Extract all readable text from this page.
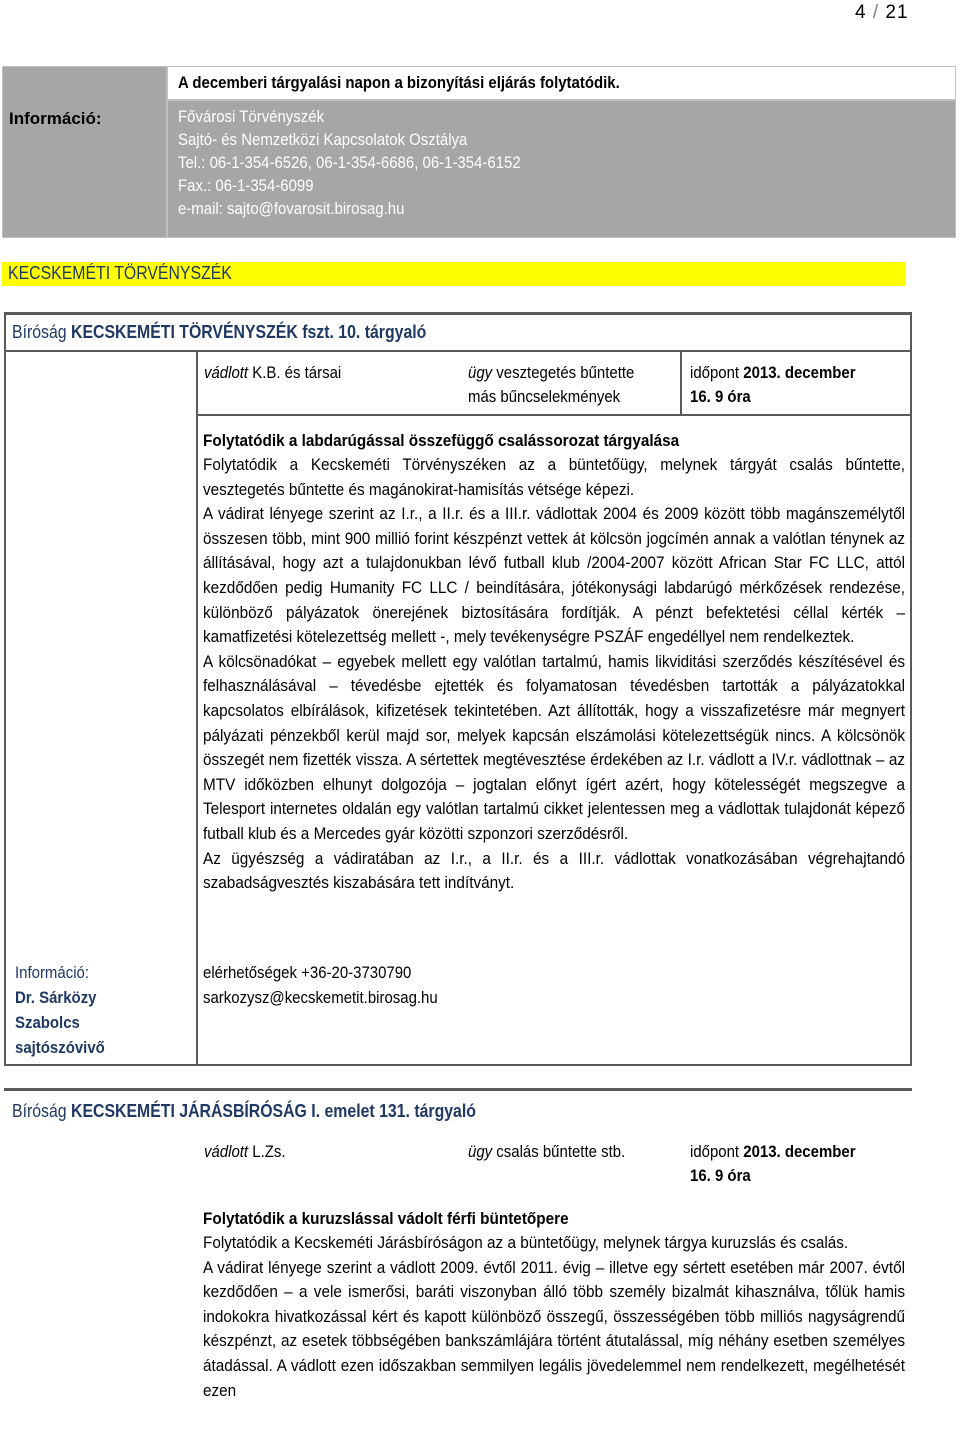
4 / 21
Információ:
A decemberi tárgyalási napon a bizonyítási eljárás folytatódik.
Fővárosi Törvényszék
Sajtó- és Nemzetközi Kapcsolatok Osztálya
Tel.: 06-1-354-6526, 06-1-354-6686, 06-1-354-6152
Fax.: 06-1-354-6099
e-mail: sajto@fovarosit.birosag.hu
KECSKEMÉTI TÖRVÉNYSZÉK
Bíróság KECSKEMÉTI TÖRVÉNYSZÉK fszt. 10. tárgyaló
vádlott K.B. és társai	ügy vesztegetés bűntette
más bűncselekmények
időpont 2013. december
16. 9 óra
Folytatódik a labdarúgással összefüggő csalássorozat tárgyalása
Folytatódik a Kecskeméti Törvényszéken az a büntetőügy, melynek tárgyát csalás bűntette, vesztegetés bűntette és magánokirat-hamisítás vétsége képezi.
A vádirat lényege szerint az I.r., a II.r. és a III.r. vádlottak 2004 és 2009 között több magánszemélytől összesen több, mint 900 millió forint készpénzt vettek át kölcsön jogcímén annak a valótlan ténynek az állításával, hogy azt a tulajdonukban lévő futball klub /2004-2007 között African Star FC LLC, attól kezdődően pedig Humanity FC LLC / beindítására, jótékonysági labdarúgó mérkőzések rendezése, különböző pályázatok önerejének biztosítására fordítják. A pénzt befektetési céllal kérték – kamatfizetési kötelezettség mellett -, mely tevékenységre PSZÁF engedéllyel nem rendelkeztek.
A kölcsönadókat – egyebek mellett egy valótlan tartalmú, hamis likviditási szerződés készítésével és felhasználásával – tévedésbe ejtették és folyamatosan tévedésben tartották a pályázatokkal kapcsolatos elbírálások, kifizetések tekintetében. Azt állították, hogy a visszafizetésre már megnyert pályázati pénzekből kerül majd sor, melyek kapcsán elszámolási kötelezettségük nincs. A kölcsönök összegét nem fizették vissza. A sértettek megtévesztése érdekében az I.r. vádlott a IV.r. vádlottnak – az MTV időközben elhunyt dolgozója – jogtalan előnyt ígért azért, hogy kötelességét megszegve a Telesport internetes oldalán egy valótlan tartalmú cikket jelentessen meg a vádlottak tulajdonát képező futball klub és a Mercedes gyár közötti szponzori szerződésről.
Az ügyészség a vádiratában az I.r., a II.r. és a III.r. vádlottak vonatkozásában végrehajtandó szabadságvesztés kiszabására tett indítványt.
Információ:
Dr. Sárközy
Szabolcs
sajtószóvivő
elérhetőségek +36-20-3730790
sarkozysz@kecskemetit.birosag.hu
Bíróság KECSKEMÉTI JÁRÁSBÍRÓSÁG I. emelet 131. tárgyaló
vádlott L.Zs.	ügy csalás bűntette stb.	időpont 2013. december
16. 9 óra
Folytatódik a kuruzslással vádolt férfi büntetőpere
Folytatódik a Kecskeméti Járásbíróságon az a büntetőügy, melynek tárgya kuruzslás és csalás.
A vádirat lényege szerint a vádlott 2009. évtől 2011. évig – illetve egy sértett esetében már 2007. évtől kezdődően – a vele ismerősi, baráti viszonyban álló több személy bizalmát kihasználva, tőlük hamis indokokra hivatkozással kért és kapott különböző összegű, összességében több milliós nagyságrendű készpénzt, az esetek többségében bankszámlájára történt átutalással, míg néhány esetben személyes átadással. A vádlott ezen időszakban semmilyen legális jövedelemmel nem rendelkezett, megélhetését ezen
